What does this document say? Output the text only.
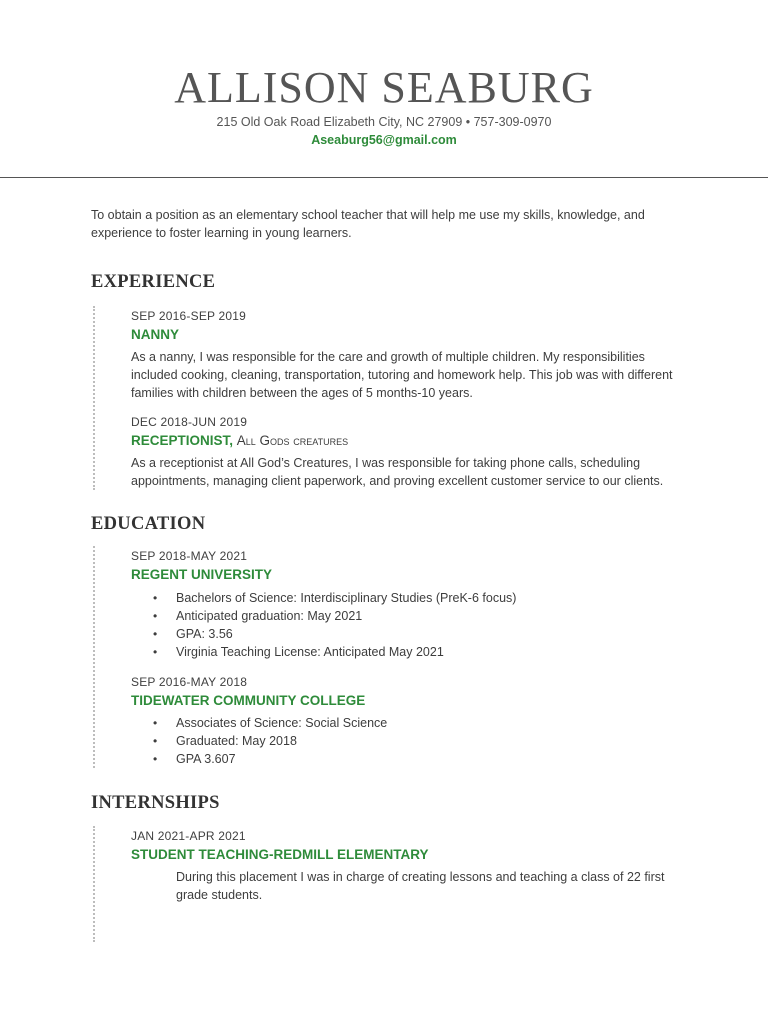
ALLISON SEABURG
215 Old Oak Road Elizabeth City, NC 27909 • 757-309-0970
Aseaburg56@gmail.com
To obtain a position as an elementary school teacher that will help me use my skills, knowledge, and experience to foster learning in young learners.
EXPERIENCE
SEP 2016-SEP 2019
NANNY
As a nanny, I was responsible for the care and growth of multiple children. My responsibilities included cooking, cleaning, transportation, tutoring and homework help. This job was with different families with children between the ages of 5 months-10 years.
DEC 2018-JUN 2019
RECEPTIONIST, All Gods creatures
As a receptionist at All God’s Creatures, I was responsible for taking phone calls, scheduling appointments, managing client paperwork, and proving excellent customer service to our clients.
EDUCATION
SEP 2018-MAY 2021
REGENT UNIVERSITY
• Bachelors of Science: Interdisciplinary Studies (PreK-6 focus)
• Anticipated graduation: May 2021
• GPA: 3.56
• Virginia Teaching License: Anticipated May 2021
SEP 2016-MAY 2018
TIDEWATER COMMUNITY COLLEGE
• Associates of Science: Social Science
• Graduated: May 2018
• GPA 3.607
INTERNSHIPS
JAN 2021-APR 2021
STUDENT TEACHING-REDMILL ELEMENTARY
During this placement I was in charge of creating lessons and teaching a class of 22 first grade students.
